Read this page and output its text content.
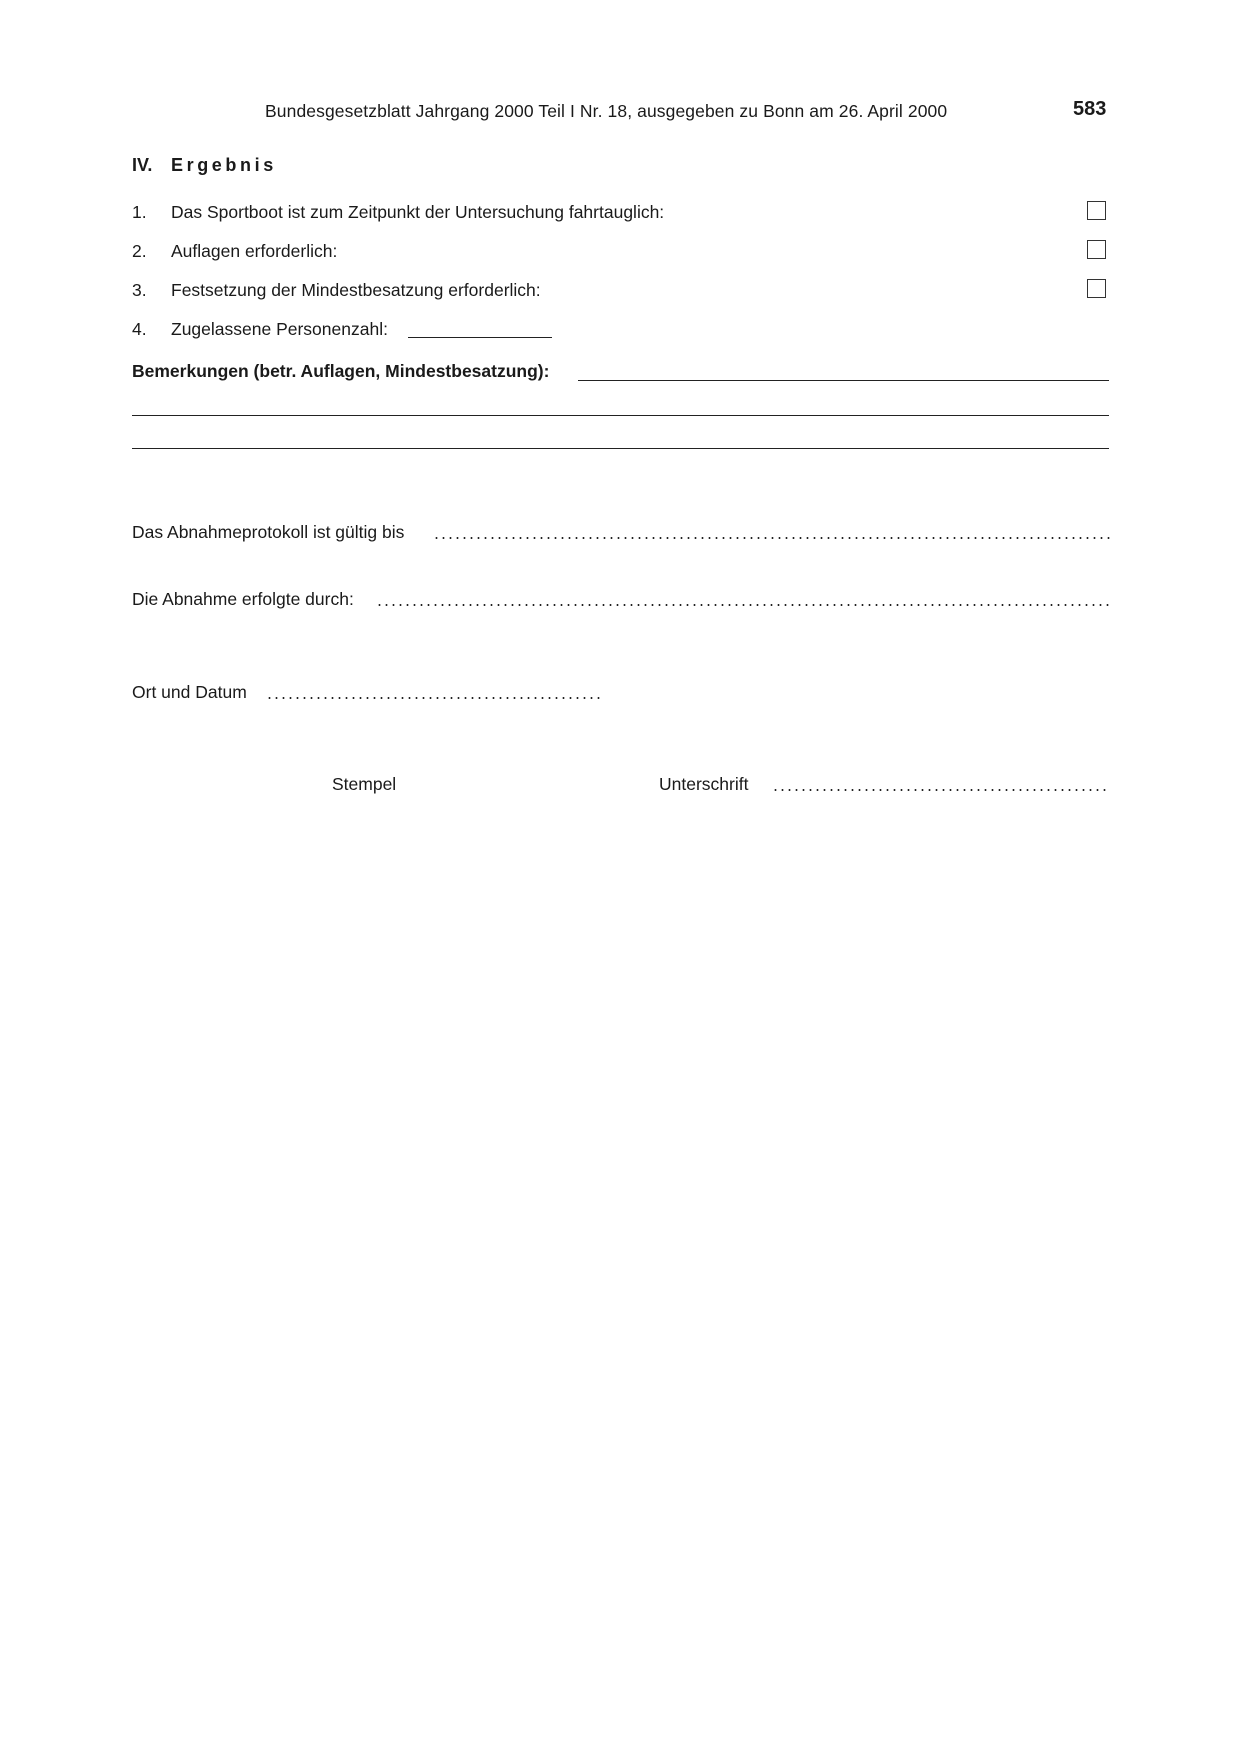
Bundesgesetzblatt Jahrgang 2000 Teil I Nr. 18, ausgegeben zu Bonn am 26. April 2000	583
IV. Ergebnis
1. Das Sportboot ist zum Zeitpunkt der Untersuchung fahrtauglich:
2. Auflagen erforderlich:
3. Festsetzung der Mindestbesatzung erforderlich:
4. Zugelassene Personenzahl:
Bemerkungen (betr. Auflagen, Mindestbesatzung):
Das Abnahmeprotokoll ist gültig bis
Die Abnahme erfolgte durch:
Ort und Datum
Stempel	Unterschrift
